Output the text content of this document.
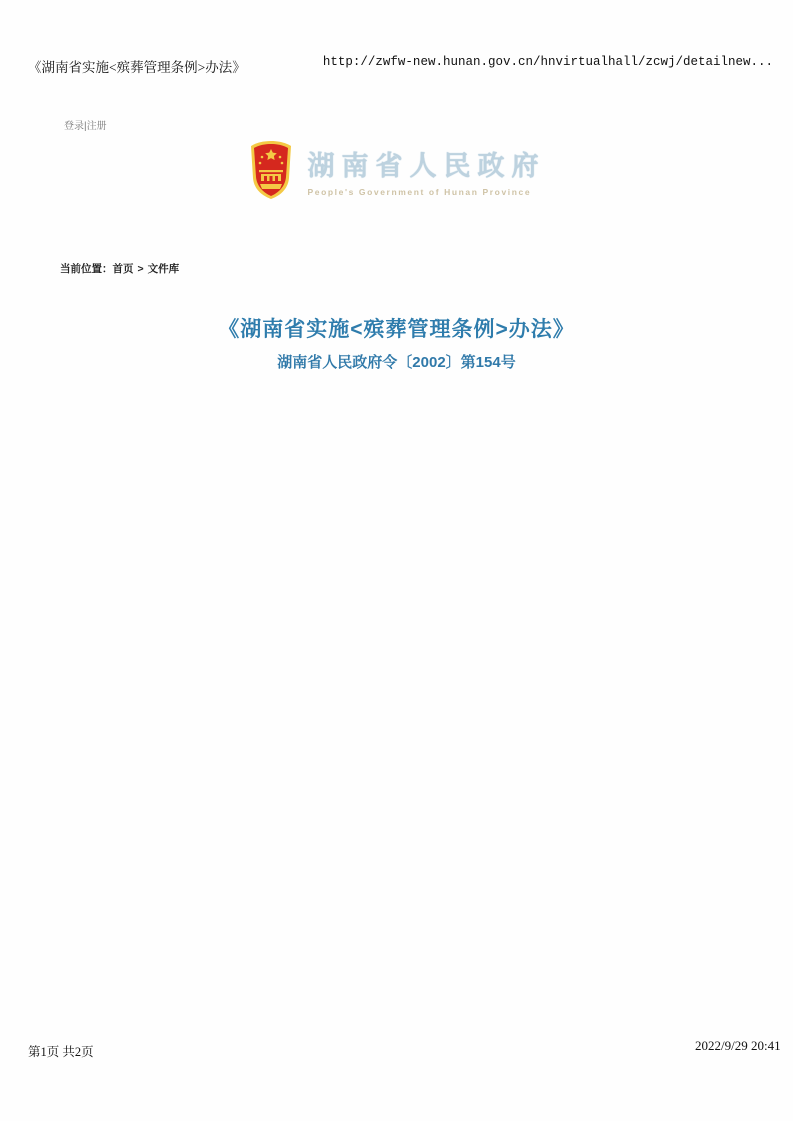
《湖南省实施<殡葬管理条例>办法》	http://zwfw-new.hunan.gov.cn/hnvirtualhall/zcwj/detailnew...
登录|注册
湖南省人民政府
People's Government of Hunan Province
当前位置：首页 > 文件库
《湖南省实施<殡葬管理条例>办法》
湖南省人民政府令〔2002〕第154号
第1页 共2页	2022/9/29 20:41
